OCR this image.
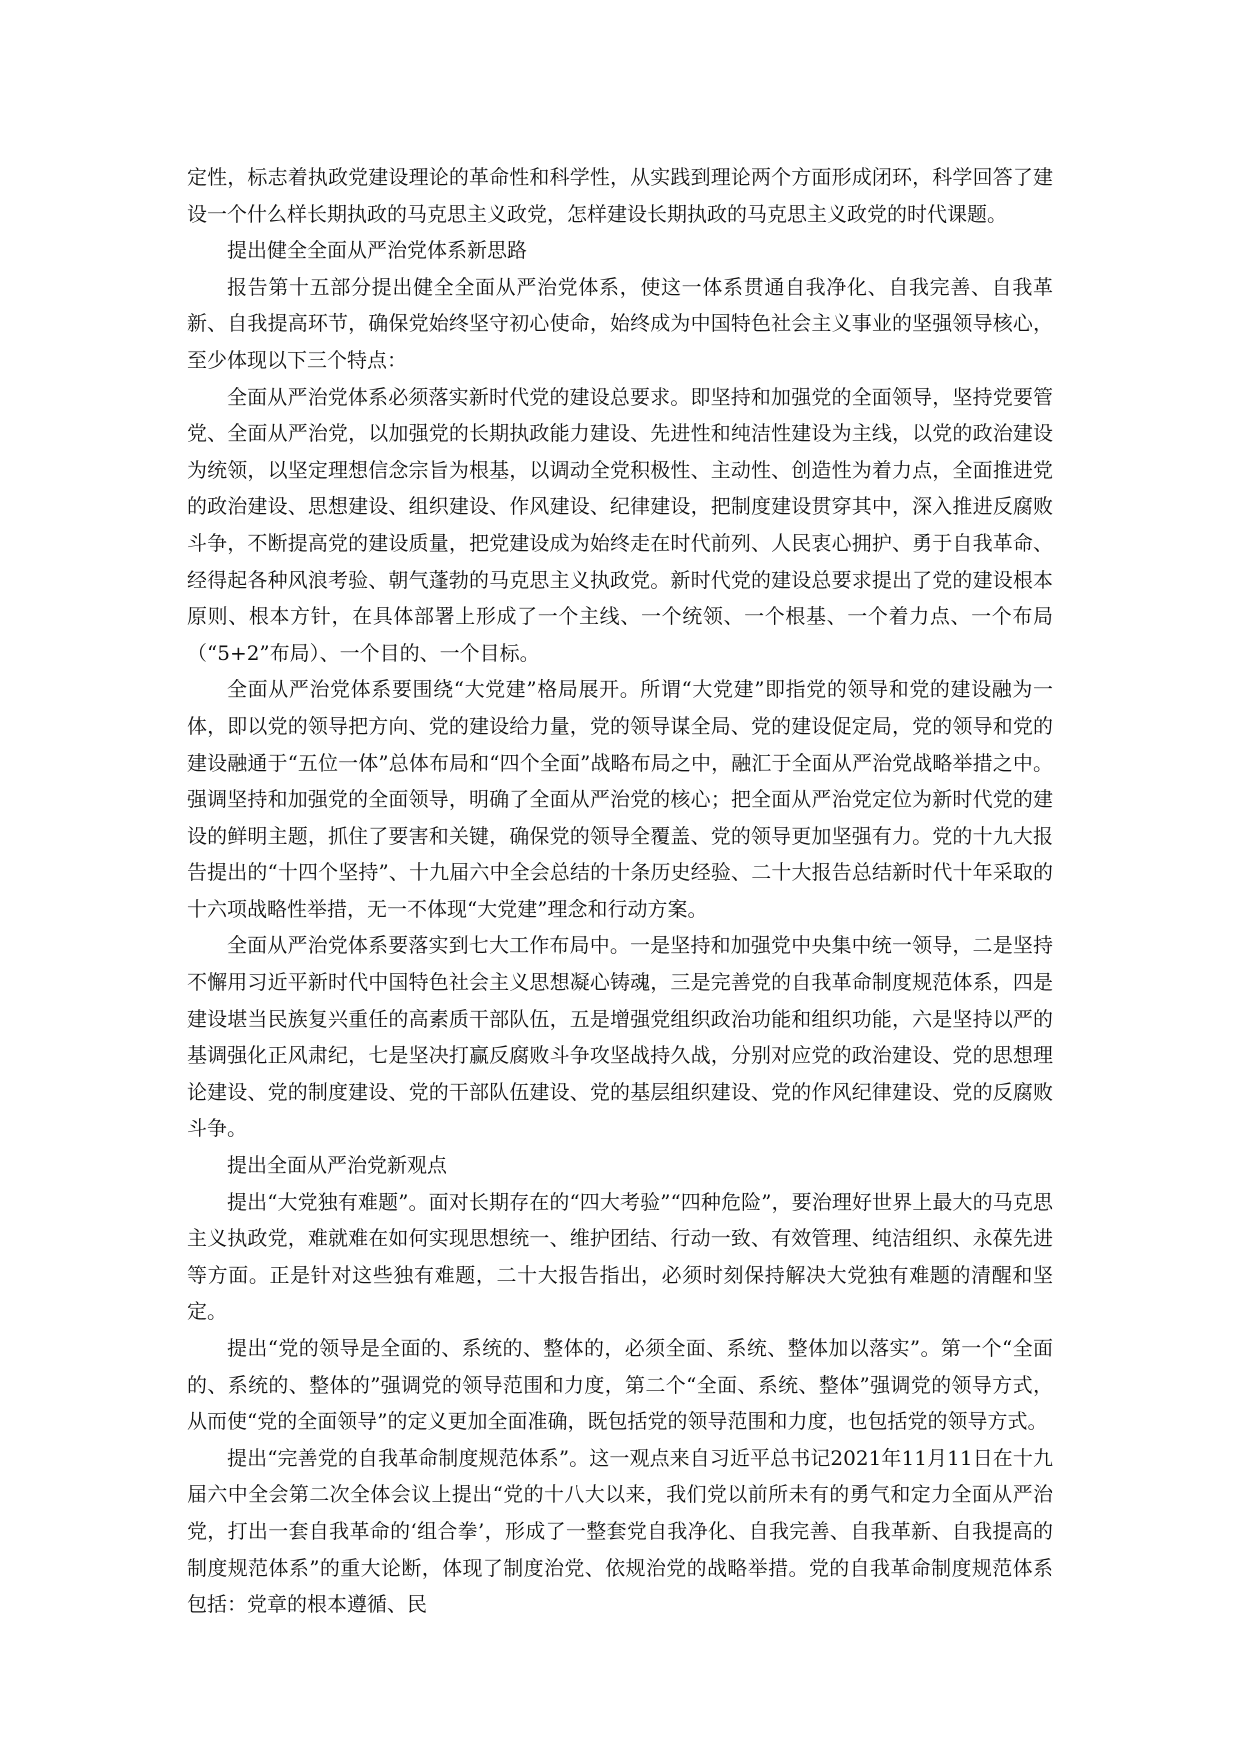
定性，标志着执政党建设理论的革命性和科学性，从实践到理论两个方面形成闭环，科学回答了建设一个什么样长期执政的马克思主义政党，怎样建设长期执政的马克思主义政党的时代课题。

提出健全全面从严治党体系新思路

报告第十五部分提出健全全面从严治党体系，使这一体系贯通自我净化、自我完善、自我革新、自我提高环节，确保党始终坚守初心使命，始终成为中国特色社会主义事业的坚强领导核心，至少体现以下三个特点：

全面从严治党体系必须落实新时代党的建设总要求。即坚持和加强党的全面领导，坚持党要管党、全面从严治党，以加强党的长期执政能力建设、先进性和纯洁性建设为主线，以党的政治建设为统领，以坚定理想信念宗旨为根基，以调动全党积极性、主动性、创造性为着力点，全面推进党的政治建设、思想建设、组织建设、作风建设、纪律建设，把制度建设贯穿其中，深入推进反腐败斗争，不断提高党的建设质量，把党建设成为始终走在时代前列、人民衷心拥护、勇于自我革命、经得起各种风浪考验、朝气蓬勃的马克思主义执政党。新时代党的建设总要求提出了党的建设根本原则、根本方针，在具体部署上形成了一个主线、一个统领、一个根基、一个着力点、一个布局（“5+2”布局）、一个目的、一个目标。

全面从严治党体系要围绕“大党建”格局展开。所谓“大党建”即指党的领导和党的建设融为一体，即以党的领导把方向、党的建设给力量，党的领导谋全局、党的建设促定局，党的领导和党的建设融通于“五位一体”总体布局和“四个全面”战略布局之中，融汇于全面从严治党战略举措之中。强调坚持和加强党的全面领导，明确了全面从严治党的核心；把全面从严治党定位为新时代党的建设的鲜明主题，抓住了要害和关键，确保党的领导全覆盖、党的领导更加坚强有力。党的十九大报告提出的“十四个坚持”、十九届六中全会总结的十条历史经验、二十大报告总结新时代十年采取的十六项战略性举措，无一不体现“大党建”理念和行动方案。

全面从严治党体系要落实到七大工作布局中。一是坚持和加强党中央集中统一领导，二是坚持不懈用习近平新时代中国特色社会主义思想凝心铸魂，三是完善党的自我革命制度规范体系，四是建设堪当民族复兴重任的高素质干部队伍，五是增强党组织政治功能和组织功能，六是坚持以严的基调强化正风肃纪，七是坚决打赢反腐败斗争攻坚战持久战，分别对应党的政治建设、党的思想理论建设、党的制度建设、党的干部队伍建设、党的基层组织建设、党的作风纪律建设、党的反腐败斗争。

提出全面从严治党新观点

提出“大党独有难题”。面对长期存在的“四大考验”“四种危险”，要治理好世界上最大的马克思主义执政党，难就难在如何实现思想统一、维护团结、行动一致、有效管理、纯洁组织、永葆先进等方面。正是针对这些独有难题，二十大报告指出，必须时刻保持解决大党独有难题的清醒和坚定。

提出“党的领导是全面的、系统的、整体的，必须全面、系统、整体加以落实”。第一个“全面的、系统的、整体的”强调党的领导范围和力度，第二个“全面、系统、整体”强调党的领导方式，从而使“党的全面领导”的定义更加全面准确，既包括党的领导范围和力度，也包括党的领导方式。

提出“完善党的自我革命制度规范体系”。这一观点来自习近平总书记2021年11月11日在十九届六中全会第二次全体会议上提出“党的十八大以来，我们党以前所未有的勇气和定力全面从严治党，打出一套自我革命的‘组合拳’，形成了一整套党自我净化、自我完善、自我革新、自我提高的制度规范体系”的重大论断，体现了制度治党、依规治党的战略举措。党的自我革命制度规范体系包括：党章的根本遵循、民
